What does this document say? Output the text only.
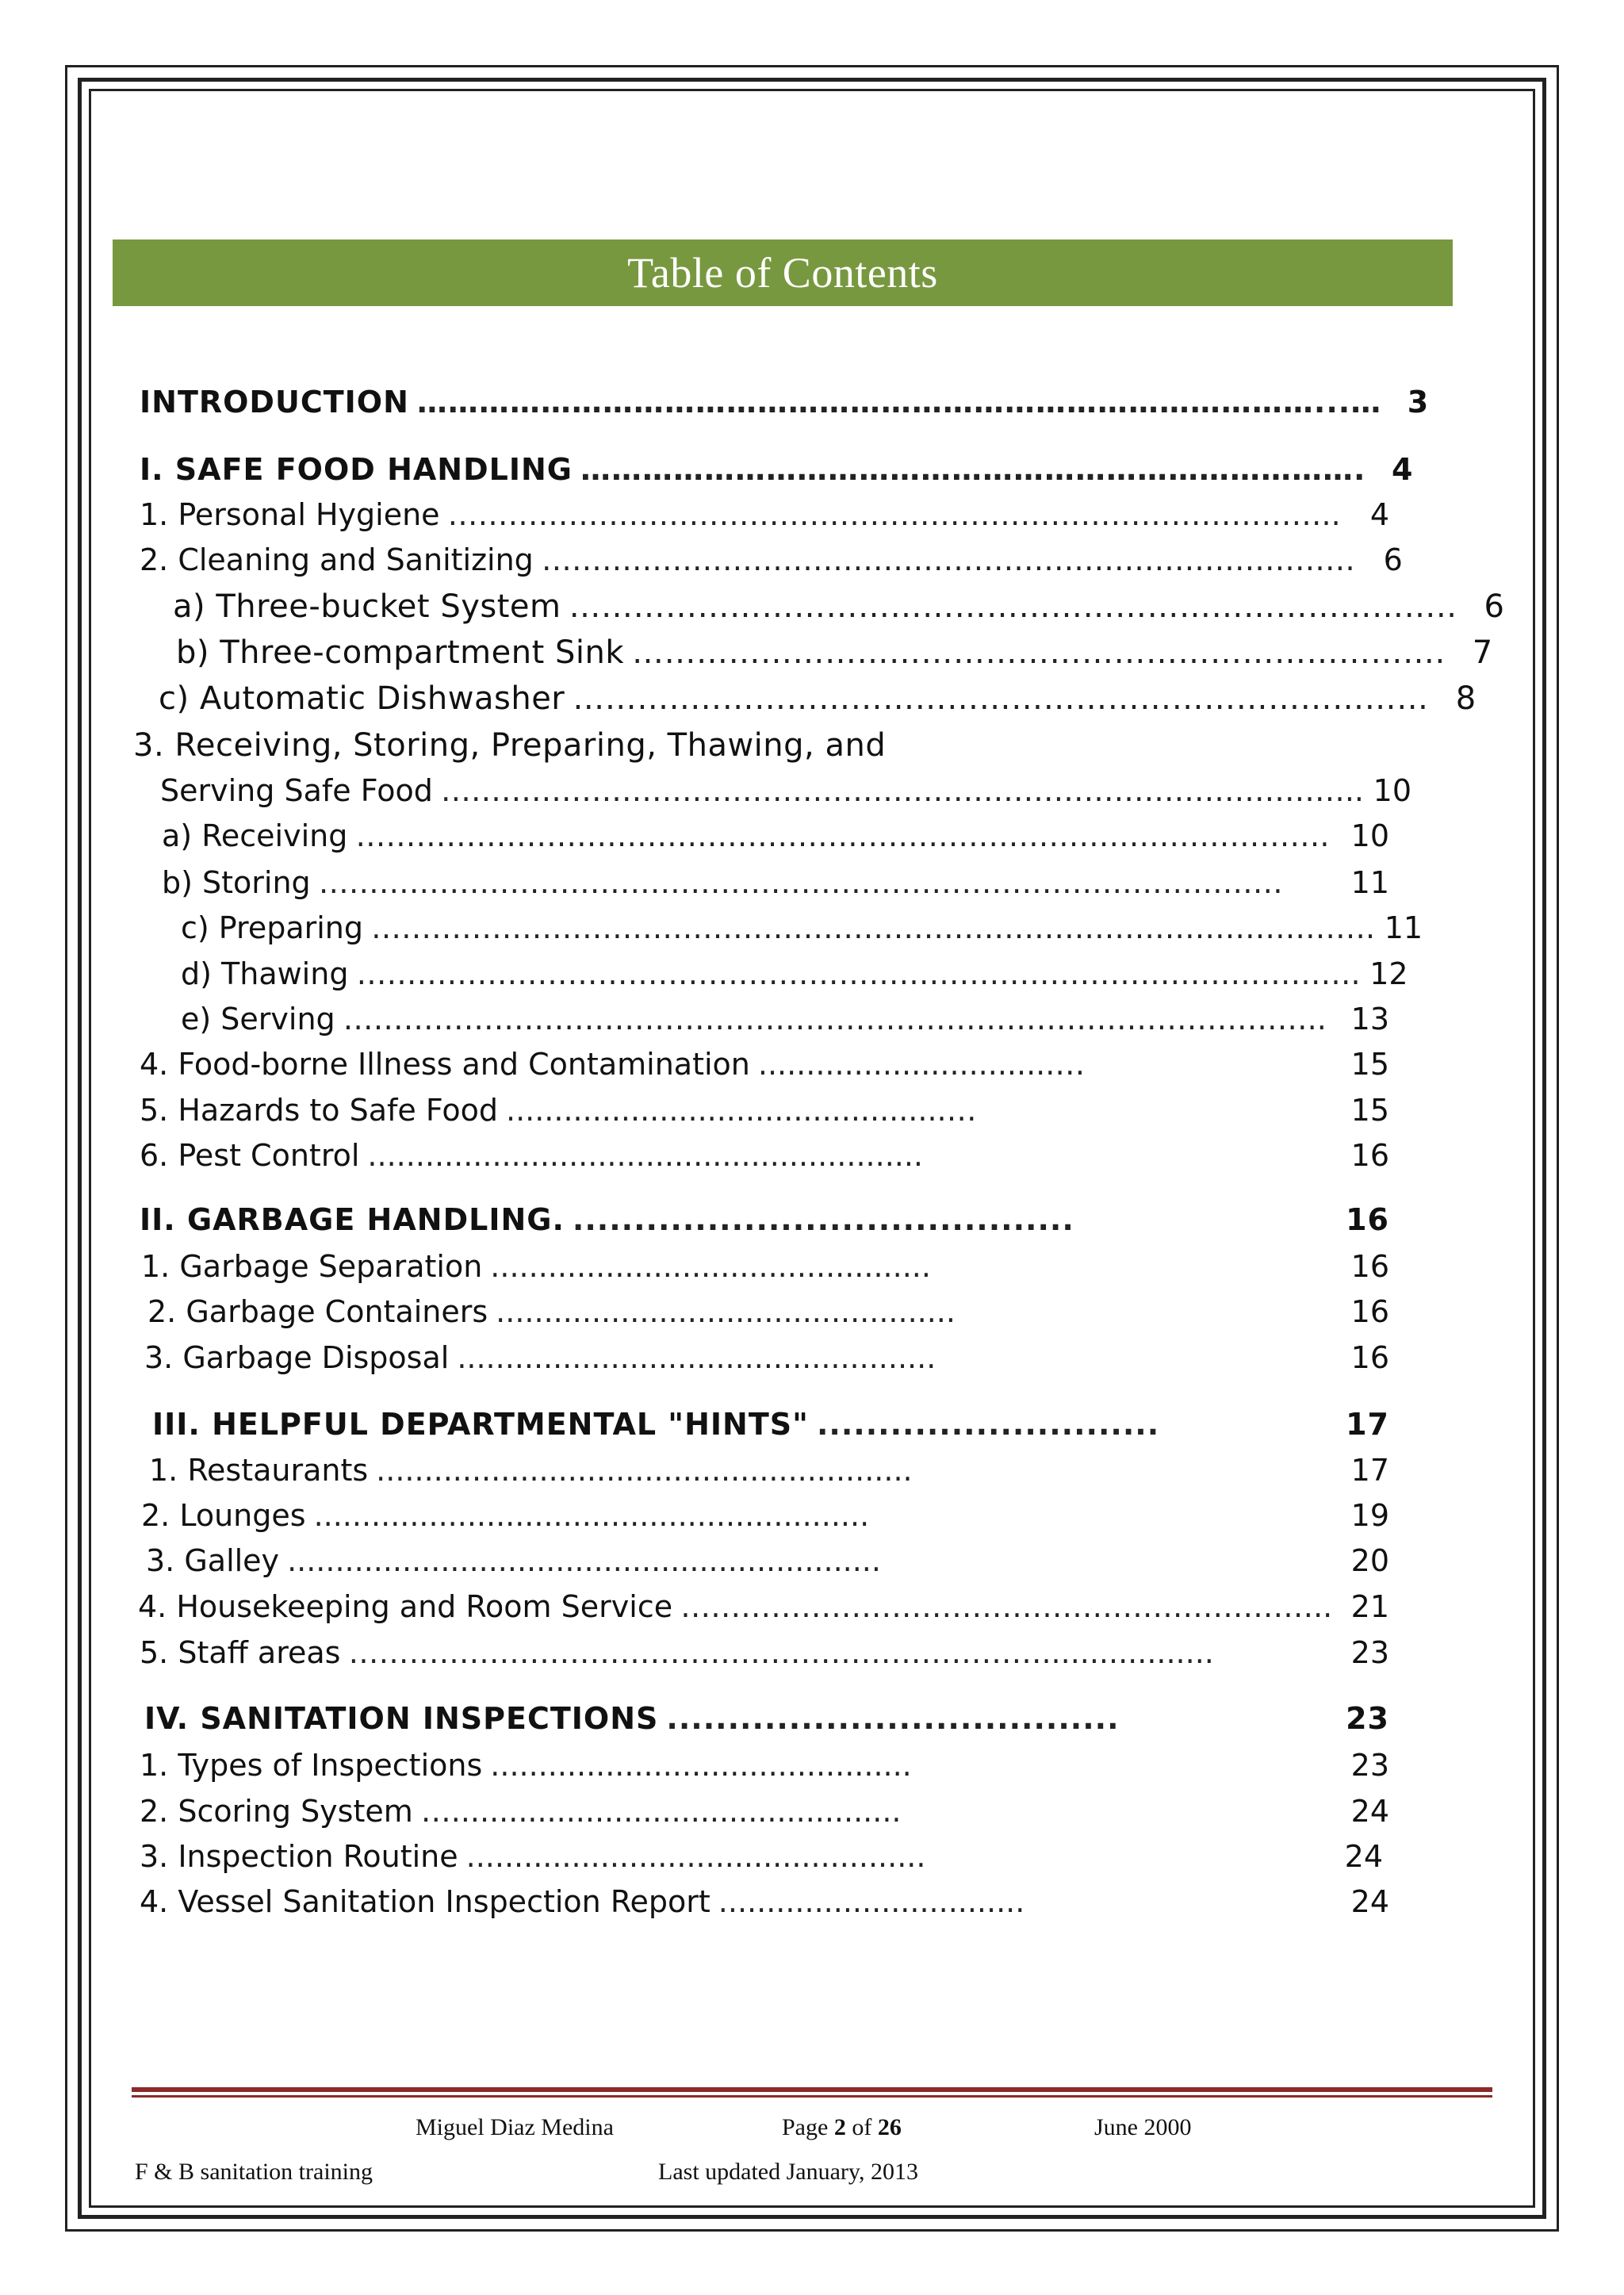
Table of Contents
INTRODUCTION ……………………………………………………………………………...… 3
I. SAFE FOOD HANDLING …………………………………………………………………. 4
1. Personal Hygiene …………………………………………………………………………….. 4
2. Cleaning and Sanitizing ……………………………………………………………………… 6
a) Three-bucket System ……………………………………………………………………….. 6
b) Three-compartment Sink …………………………………………………………………. 7
c) Automatic Dishwasher ………..…………………………………………………………… 8
3. Receiving, Storing, Preparing, Thawing, and
Serving Safe Food ……………………………………………………………………………….. 10
a) Receiving ……………………………………………………………………………………. 10
b) Storing ……………………………………………………………………………………	11
c) Preparing ………………………………………………………………………………………. 11
d) Thawing ………………………………………………………………………………………. 12
e) Serving …………………………………………………………………………………….. 13
4. Food-borne Illness and Contamination ...............................…	15
5. Hazards to Safe Food ..............................................…	15
6. Pest Control ..........................................................	16
II. GARBAGE HANDLING. .........................................	16
1. Garbage Separation ..............................................	16
2. Garbage Containers ................................................	16
3. Garbage Disposal ..................................................	16
III. HELPFUL DEPARTMENTAL "HINTS" ............................	17
1. Restaurants ........................................................	17
2. Lounges ..........................................................	19
3. Galley ..............................................................	20
4. Housekeeping and Room Service ……………………………………………………….. 21
5. Staff areas ……………………………………………………………..................	23
IV. SANITATION INSPECTIONS .....................................	23
1. Types of Inspections ............................................	23
2. Scoring System …...............................................	24
3. Inspection Routine ................................................	24
4. Vessel Sanitation Inspection Report ................................	24
Miguel Diaz Medina	Page 2 of 26	June 2000
F & B sanitation training	Last updated January, 2013
